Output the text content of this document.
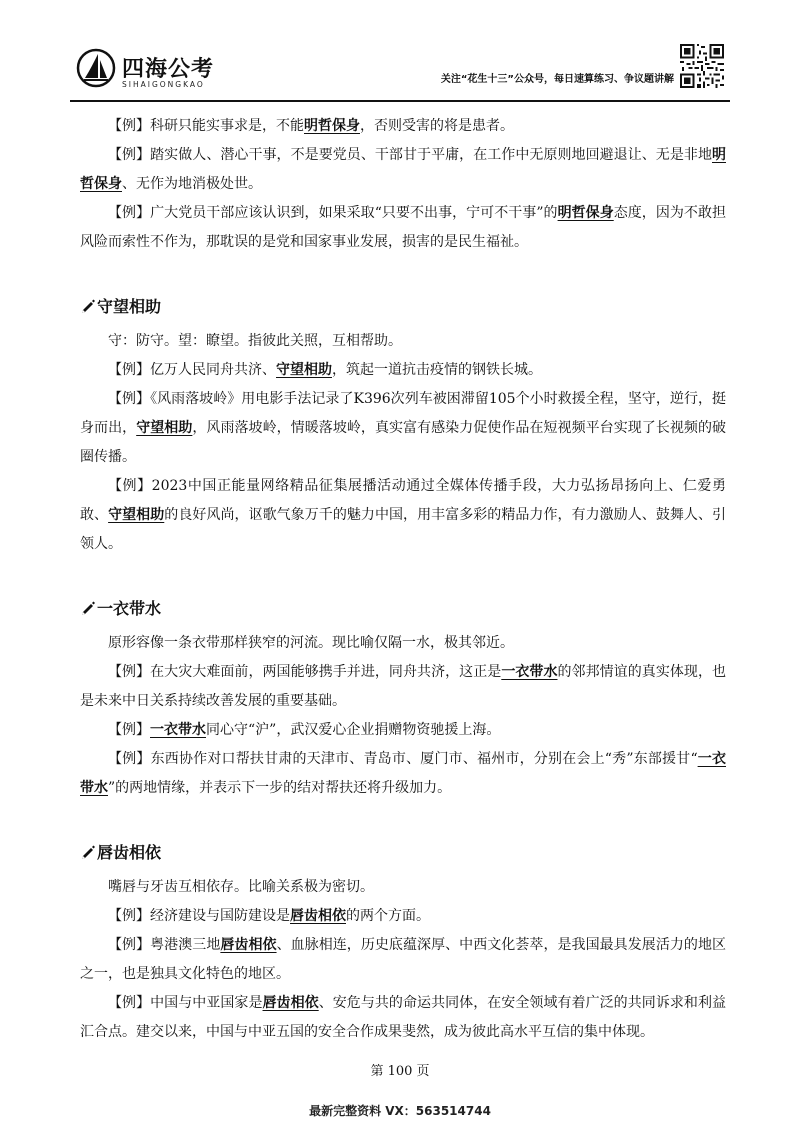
四海公考
SIHAIGONGKAO	关注“花生十三”公众号，每日速算练习、争议题讲解

【例】科研只能实事求是，不能明哲保身，否则受害的将是患者。

【例】踏实做人、潜心干事，不是要党员、干部甘于平庸，在工作中无原则地回避退让、无是非地明哲保身、无作为地消极处世。

【例】广大党员干部应该认识到，如果采取“只要不出事，宁可不干事”的明哲保身态度，因为不敢担风险而索性不作为，那耽误的是党和国家事业发展，损害的是民生福祉。

守望相助

守：防守。望：瞭望。指彼此关照，互相帮助。

【例】亿万人民同舟共济、守望相助，筑起一道抗击疫情的钢铁长城。

【例】《风雨落坡岭》用电影手法记录了K396次列车被困滞留105个小时救援全程，坚守，逆行，挺身而出，守望相助，风雨落坡岭，情暖落坡岭，真实富有感染力促使作品在短视频平台实现了长视频的破圈传播。

【例】2023中国正能量网络精品征集展播活动通过全媒体传播手段，大力弘扬昂扬向上、仁爱勇敢、守望相助的良好风尚，讴歌气象万千的魅力中国，用丰富多彩的精品力作，有力激励人、鼓舞人、引领人。

一衣带水

原形容像一条衣带那样狭窄的河流。现比喻仅隔一水，极其邻近。

【例】在大灾大难面前，两国能够携手并进，同舟共济，这正是一衣带水的邻邦情谊的真实体现，也是未来中日关系持续改善发展的重要基础。

【例】一衣带水同心守“沪”，武汉爱心企业捐赠物资驰援上海。

【例】东西协作对口帮扶甘肃的天津市、青岛市、厦门市、福州市，分别在会上“秀”东部援甘“一衣带水”的两地情缘，并表示下一步的结对帮扶还将升级加力。

唇齿相依

嘴唇与牙齿互相依存。比喻关系极为密切。

【例】经济建设与国防建设是唇齿相依的两个方面。

【例】粤港澳三地唇齿相依、血脉相连，历史底蕴深厚、中西文化荟萃，是我国最具发展活力的地区之一，也是独具文化特色的地区。

【例】中国与中亚国家是唇齿相依、安危与共的命运共同体，在安全领域有着广泛的共同诉求和利益汇合点。建交以来，中国与中亚五国的安全合作成果斐然，成为彼此高水平互信的集中体现。

第 100 页
最新完整资料 VX：563514744
